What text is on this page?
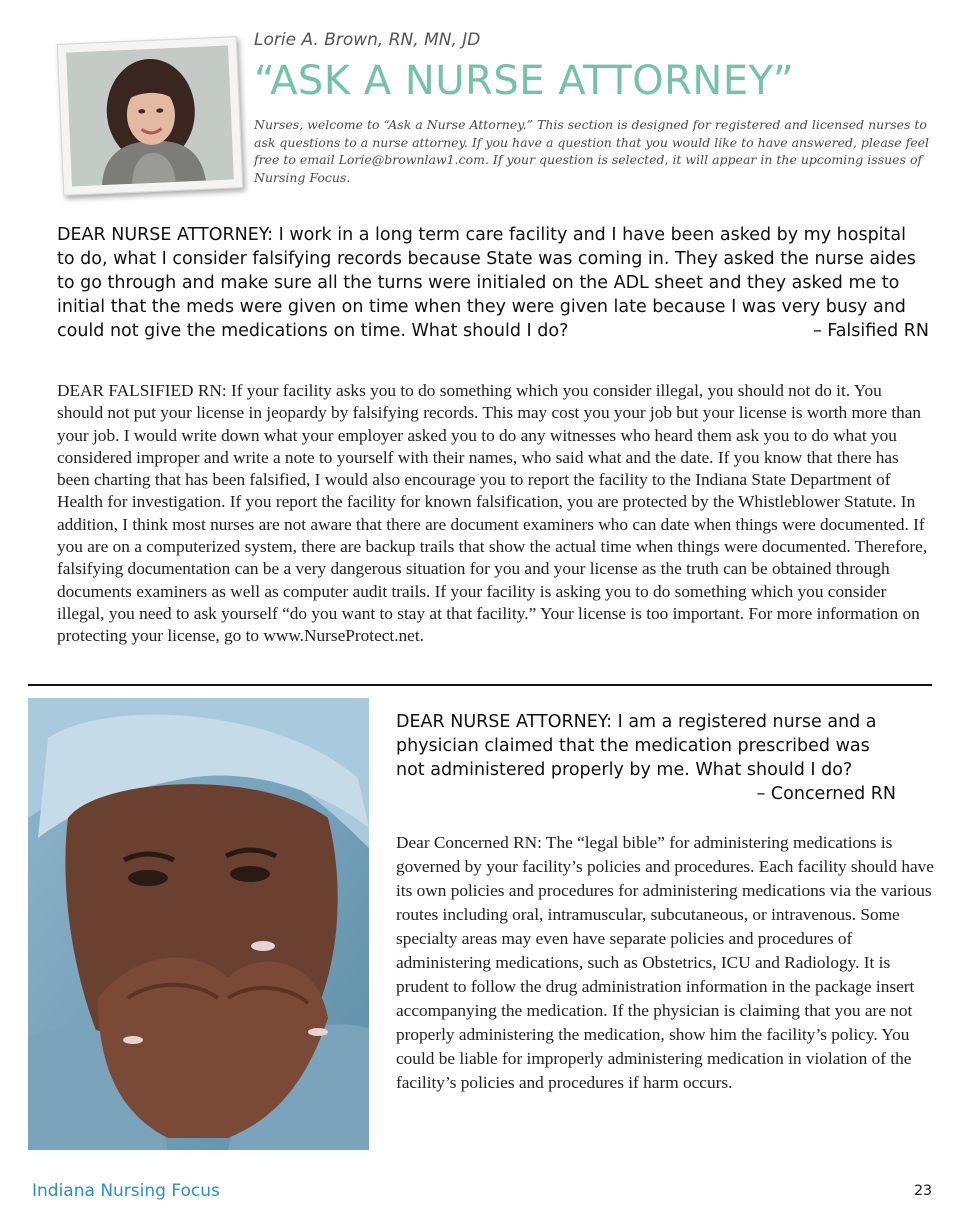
Lorie A. Brown, RN, MN, JD

“ASK A NURSE ATTORNEY”

Nurses, welcome to “Ask a Nurse Attorney.” This section is designed for registered and licensed nurses to ask questions to a nurse attorney. If you have a question that you would like to have answered, please feel free to email Lorie@brownlaw1.com. If your question is selected, it will appear in the upcoming issues of Nursing Focus.

DEAR NURSE ATTORNEY: I work in a long term care facility and I have been asked by my hospital to do, what I consider falsifying records because State was coming in. They asked the nurse aides to go through and make sure all the turns were initialed on the ADL sheet and they asked me to initial that the meds were given on time when they were given late because I was very busy and could not give the medications on time. What should I do?	– Falsified RN

DEAR FALSIFIED RN: If your facility asks you to do something which you consider illegal, you should not do it. You should not put your license in jeopardy by falsifying records. This may cost you your job but your license is worth more than your job. I would write down what your employer asked you to do any witnesses who heard them ask you to do what you considered improper and write a note to yourself with their names, who said what and the date. If you know that there has been charting that has been falsified, I would also encourage you to report the facility to the Indiana State Department of Health for investigation. If you report the facility for known falsification, you are protected by the Whistleblower Statute. In addition, I think most nurses are not aware that there are document examiners who can date when things were documented. If you are on a computerized system, there are backup trails that show the actual time when things were documented. Therefore, falsifying documentation can be a very dangerous situation for you and your license as the truth can be obtained through documents examiners as well as computer audit trails. If your facility is asking you to do something which you consider illegal, you need to ask yourself “do you want to stay at that facility.” Your license is too important. For more information on protecting your license, go to www.NurseProtect.net.

DEAR NURSE ATTORNEY: I am a registered nurse and a physician claimed that the medication prescribed was not administered properly by me. What should I do?
– Concerned RN

Dear Concerned RN: The “legal bible” for administering medications is governed by your facility’s policies and procedures. Each facility should have its own policies and procedures for administering medications via the various routes including oral, intramuscular, subcutaneous, or intravenous. Some specialty areas may even have separate policies and procedures of administering medications, such as Obstetrics, ICU and Radiology. It is prudent to follow the drug administration information in the package insert accompanying the medication. If the physician is claiming that you are not properly administering the medication, show him the facility’s policy. You could be liable for improperly administering medication in violation of the facility’s policies and procedures if harm occurs.

Indiana Nursing Focus	23
